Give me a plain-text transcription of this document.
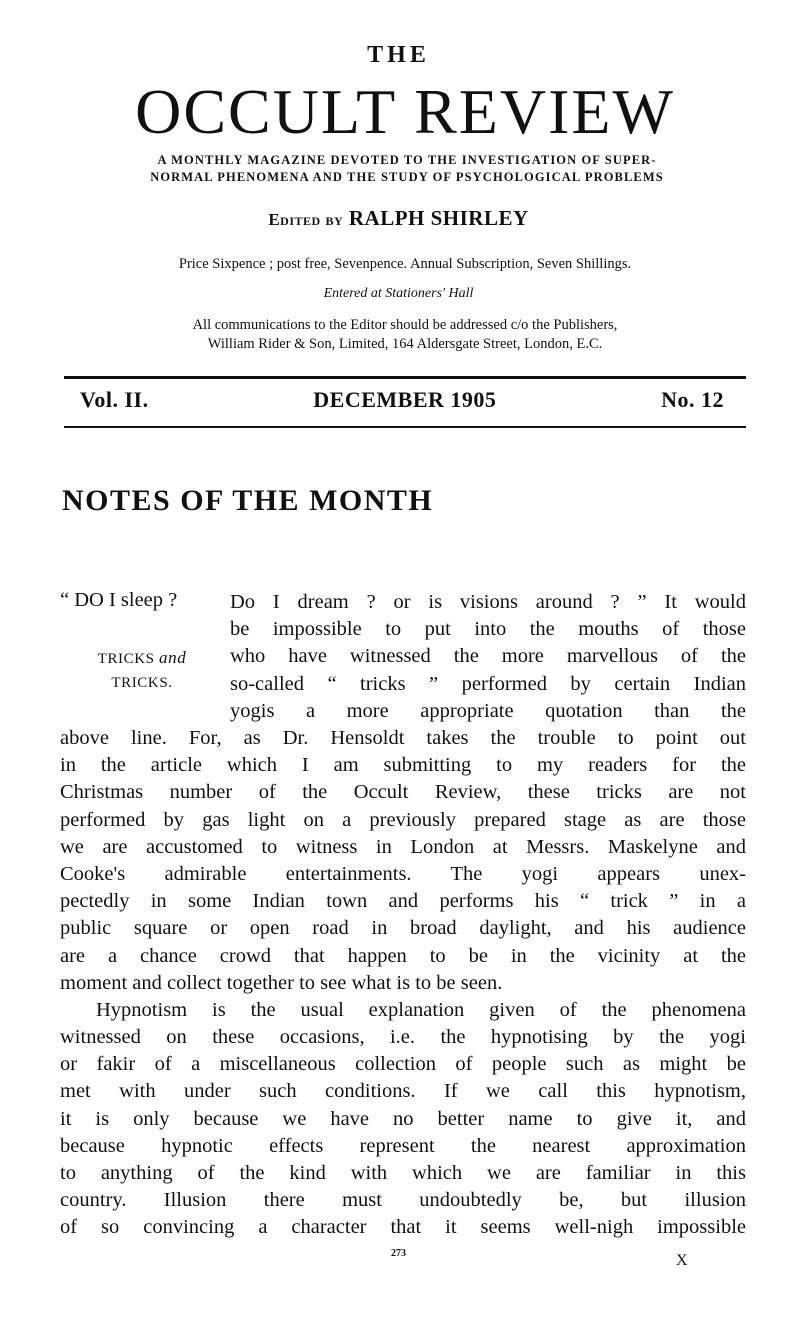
THE
OCCULT REVIEW
A MONTHLY MAGAZINE DEVOTED TO THE INVESTIGATION OF SUPER-
NORMAL PHENOMENA AND THE STUDY OF PSYCHOLOGICAL PROBLEMS
Edited by RALPH SHIRLEY
Price Sixpence ; post free, Sevenpence. Annual Subscription, Seven Shillings.
Entered at Stationers' Hall
All communications to the Editor should be addressed c/o the Publishers,
William Rider & Son, Limited, 164 Aldersgate Street, London, E.C.
Vol. II.	DECEMBER 1905	No. 12
NOTES OF THE MONTH
“ DO I sleep ?
TRICKS and
TRICKS.
Do I dream ? or is visions around ? ” It would
be impossible to put into the mouths of those
who have witnessed the more marvellous of the
so-called “ tricks ” performed by certain Indian
yogis a more appropriate quotation than the
above line. For, as Dr. Hensoldt takes the trouble to point out
in the article which I am submitting to my readers for the
Christmas number of the Occult Review, these tricks are not
performed by gas light on a previously prepared stage as are those
we are accustomed to witness in London at Messrs. Maskelyne and
Cooke's admirable entertainments. The yogi appears unex-
pectedly in some Indian town and performs his “ trick ” in a
public square or open road in broad daylight, and his audience
are a chance crowd that happen to be in the vicinity at the
moment and collect together to see what is to be seen.
Hypnotism is the usual explanation given of the phenomena
witnessed on these occasions, i.e. the hypnotising by the yogi
or fakir of a miscellaneous collection of people such as might be
met with under such conditions. If we call this hypnotism,
it is only because we have no better name to give it, and
because hypnotic effects represent the nearest approximation
to anything of the kind with which we are familiar in this
country. Illusion there must undoubtedly be, but illusion
of so convincing a character that it seems well-nigh impossible
273	X
